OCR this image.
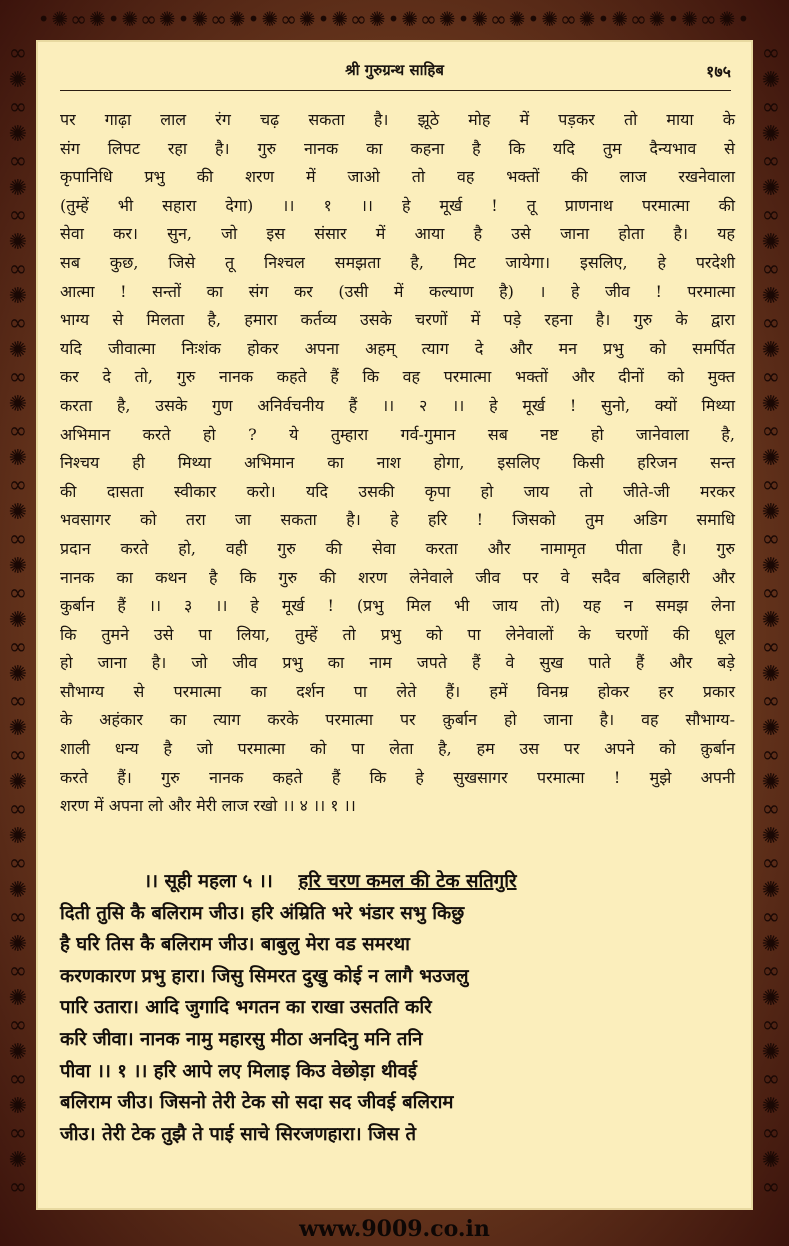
•✺∞✺•✺∞✺•✺∞✺•✺∞✺•✺∞✺•✺∞✺•✺∞✺•✺∞✺•✺∞✺•✺∞✺•
∞
✺
∞
✺
∞
✺
∞
✺
∞
✺
∞
✺
∞
✺
∞
✺
∞
✺
∞
✺
∞
✺
∞
✺
∞
✺
∞
✺
∞
✺
∞
✺
∞
✺
∞
✺
∞
✺
∞
✺
∞
✺
∞
∞
✺
∞
✺
∞
✺
∞
✺
∞
✺
∞
✺
∞
✺
∞
✺
∞
✺
∞
✺
∞
✺
∞
✺
∞
✺
∞
✺
∞
✺
∞
✺
∞
✺
∞
✺
∞
✺
∞
✺
∞
✺
∞
श्री गुरुग्रन्थ साहिब	१७५
पर गाढ़ा लाल रंग चढ़ सकता है। झूठे मोह में पड़कर तो माया के
संग लिपट रहा है। गुरु नानक का कहना है कि यदि तुम दैन्यभाव से
कृपानिधि प्रभु की शरण में जाओ तो वह भक्तों की लाज रखनेवाला
(तुम्हें भी सहारा देगा) ।। १ ।। हे मूर्ख ! तू प्राणनाथ परमात्मा की
सेवा कर। सुन, जो इस संसार में आया है उसे जाना होता है। यह
सब कुछ, जिसे तू निश्चल समझता है, मिट जायेगा। इसलिए, हे परदेशी
आत्मा ! सन्तों का संग कर (उसी में कल्याण है) । हे जीव ! परमात्मा
भाग्य से मिलता है, हमारा कर्तव्य उसके चरणों में पड़े रहना है। गुरु के द्वारा
यदि जीवात्मा निःशंक होकर अपना अहम् त्याग दे और मन प्रभु को समर्पित
कर दे तो, गुरु नानक कहते हैं कि वह परमात्मा भक्तों और दीनों को मुक्त
करता है, उसके गुण अनिर्वचनीय हैं ।। २ ।। हे मूर्ख ! सुनो, क्यों मिथ्या
अभिमान करते हो ? ये तुम्हारा गर्व-गुमान सब नष्ट हो जानेवाला है,
निश्चय ही मिथ्या अभिमान का नाश होगा, इसलिए किसी हरिजन सन्त
की दासता स्वीकार करो। यदि उसकी कृपा हो जाय तो जीते-जी मरकर
भवसागर को तरा जा सकता है। हे हरि ! जिसको तुम अडिग समाधि
प्रदान करते हो, वही गुरु की सेवा करता और नामामृत पीता है। गुरु
नानक का कथन है कि गुरु की शरण लेनेवाले जीव पर वे सदैव बलिहारी और
कुर्बान हैं ।। ३ ।। हे मूर्ख ! (प्रभु मिल भी जाय तो) यह न समझ लेना
कि तुमने उसे पा लिया, तुम्हें तो प्रभु को पा लेनेवालों के चरणों की धूल
हो जाना है। जो जीव प्रभु का नाम जपते हैं वे सुख पाते हैं और बड़े
सौभाग्य से परमात्मा का दर्शन पा लेते हैं। हमें विनम्र होकर हर प्रकार
के अहंकार का त्याग करके परमात्मा पर क़ुर्बान हो जाना है। वह सौभाग्य-
शाली धन्य है जो परमात्मा को पा लेता है, हम उस पर अपने को क़ुर्बान
करते हैं। गुरु नानक कहते हैं कि हे सुखसागर परमात्मा ! मुझे अपनी
शरण में अपना लो और मेरी लाज रखो ।। ४ ।। १ ।।
।। सूही महला ५ ।। हरि चरण कमल की टेक सतिगुरि
दिती तुसि कै बलिराम जीउ। हरि अंम्रिति भरे भंडार सभु किछु
है घरि तिस कै बलिराम जीउ। बाबुलु मेरा वड समरथा
करणकारण प्रभु हारा। जिसु सिमरत दुखु कोई न लागै भउजलु
पारि उतारा। आदि जुगादि भगतन का राखा उसतति करि
करि जीवा। नानक नामु महारसु मीठा अनदिनु मनि तनि
पीवा ।। १ ।। हरि आपे लए मिलाइ किउ वेछोड़ा थीवई
बलिराम जीउ। जिसनो तेरी टेक सो सदा सद जीवई बलिराम
जीउ। तेरी टेक तुझै ते पाई साचे सिरजणहारा। जिस ते
www.9009.co.in
